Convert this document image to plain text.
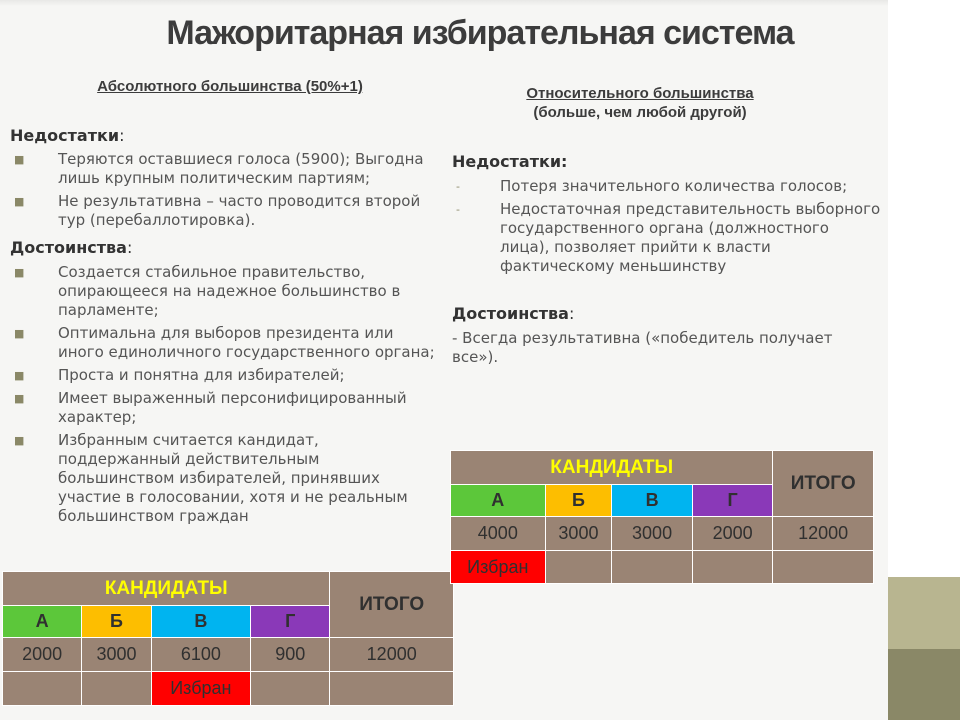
Мажоритарная избирательная система
Абсолютного большинства (50%+1)	Относительного большинства
(больше, чем любой другой)
Недостатки:
■ Теряются оставшиеся голоса (5900); Выгодна лишь крупным политическим партиям;
■ Не результативна – часто проводится второй тур (перебаллотировка).
Достоинства:
■ Создается стабильное правительство, опирающееся на надежное большинство в парламенте;
■ Оптимальна для выборов президента или иного единоличного государственного органа;
■ Проста и понятна для избирателей;
■ Имеет выраженный персонифицированный характер;
■ Избранным считается кандидат, поддержанный действительным большинством избирателей, принявших участие в голосовании, хотя и не реальным большинством граждан
КАНДИДАТЫ				ИТОГО
А	Б	В	Г	
2000	3000	6100	900	12000
		Избран		
Недостатки:
-	Потеря значительного количества голосов;
-	Недостаточная представительность выборного государственного органа (должностного лица), позволяет прийти к власти фактическому меньшинству
Достоинства:
- Всегда результативна («победитель получает все»).
КАНДИДАТЫ				ИТОГО
А	Б	В	Г	
4000	3000	3000	2000	12000
Избран				
